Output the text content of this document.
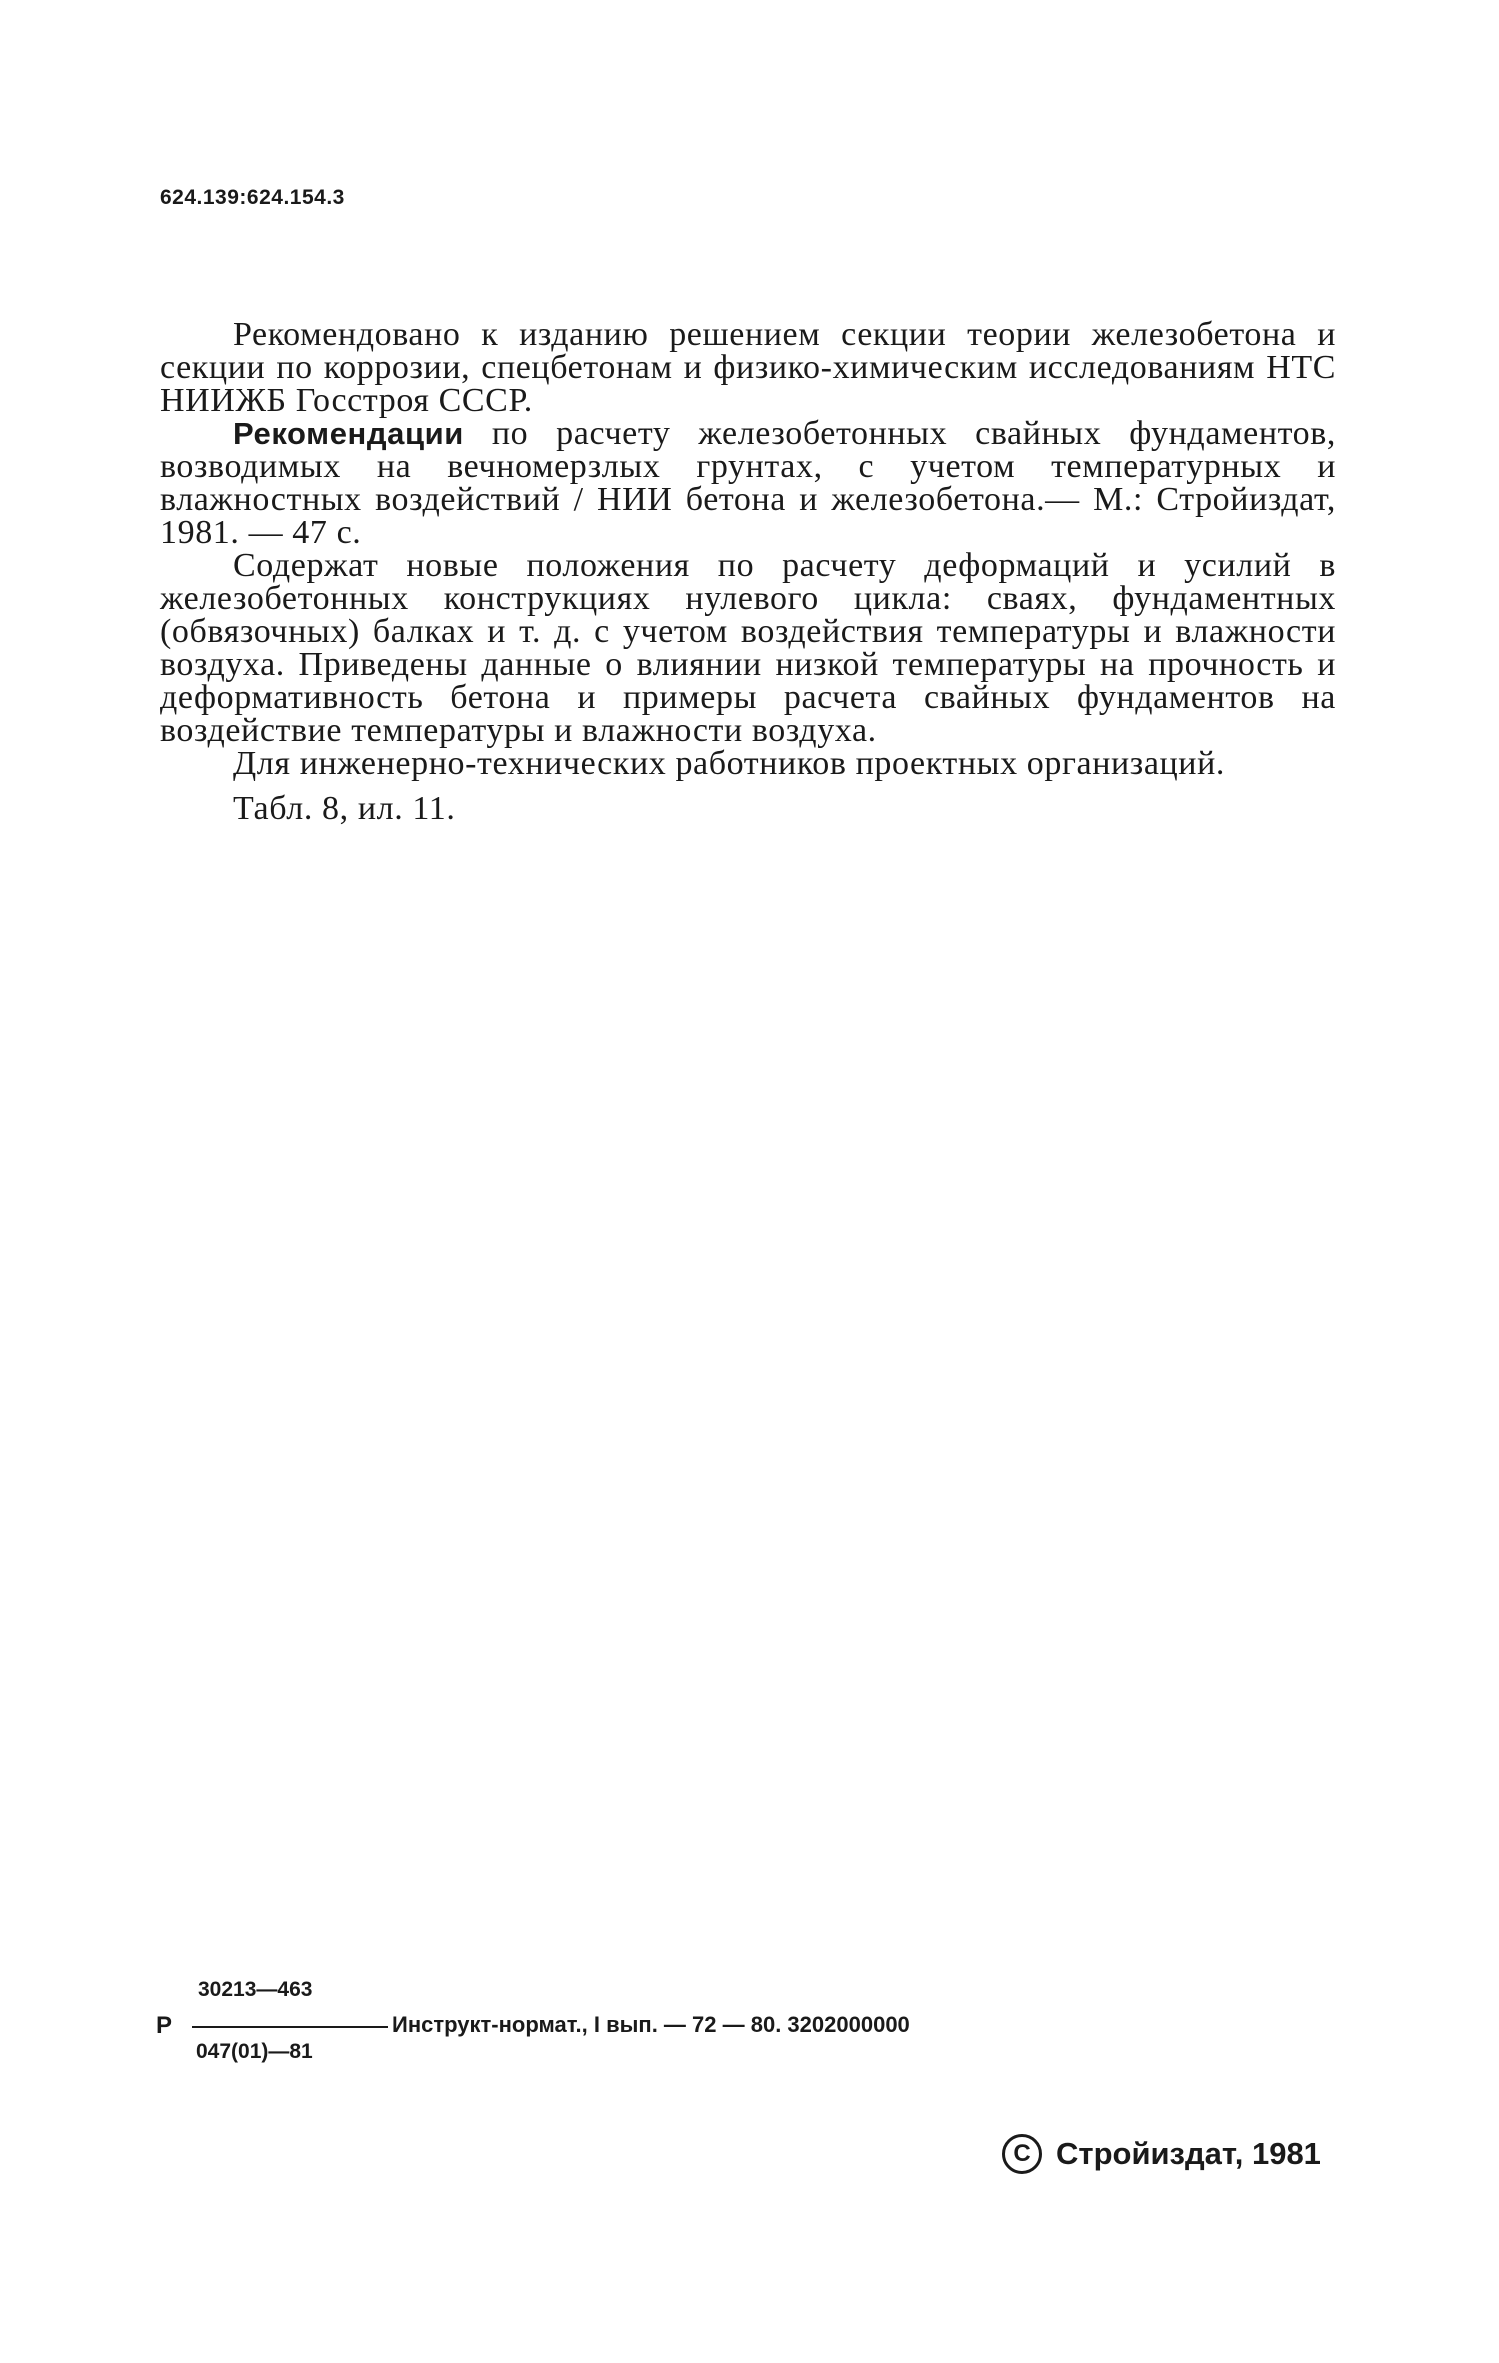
624.139:624.154.3

Рекомендовано к изданию решением секции теории железобетона и секции по коррозии, спецбетонам и физико-химическим исследованиям НТС НИИЖБ Госстроя СССР.

Рекомендации по расчету железобетонных свайных фундаментов, возводимых на вечномерзлых грунтах, с учетом температурных и влажностных воздействий / НИИ бетона и железобетона.— М.: Стройиздат, 1981. — 47 с.

Содержат новые положения по расчету деформаций и усилий в железобетонных конструкциях нулевого цикла: сваях, фундаментных (обвязочных) балках и т. д. с учетом воздействия температуры и влажности воздуха. Приведены данные о влиянии низкой температуры на прочность и деформативность бетона и примеры расчета свайных фундаментов на воздействие температуры и влажности воздуха.

Для инженерно-технических работников проектных организаций.

Табл. 8, ил. 11.

Р
30213—463
047(01)—81
Инструкт-нормат., I вып. — 72 — 80. 3202000000
C Стройиздат, 1981
